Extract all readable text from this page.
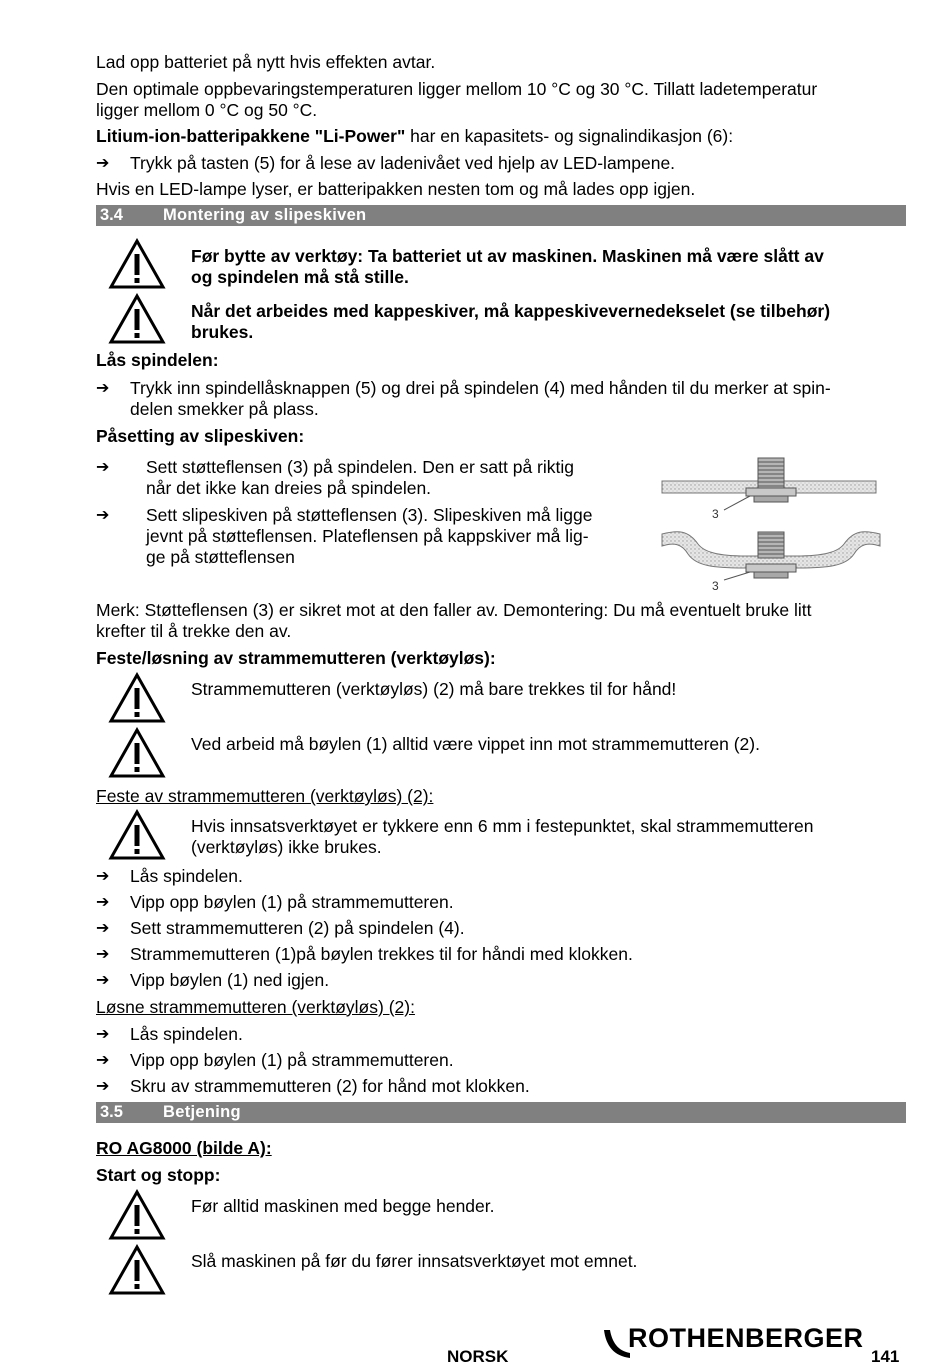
Lad opp batteriet på nytt hvis effekten avtar.
Den optimale oppbevaringstemperaturen ligger mellom 10 °C og 30 °C. Tillatt ladetemperatur
ligger mellom 0 °C og 50 °C.
Litium-ion-batteripakkene "Li-Power" har en kapasitets- og signalindikasjon (6):
➔	Trykk på tasten (5) for å lese av ladenivået ved hjelp av LED-lampene.
Hvis en LED-lampe lyser, er batteripakken nesten tom og må lades opp igjen.
3.4 Montering av slipeskiven
Før bytte av verktøy: Ta batteriet ut av maskinen. Maskinen må være slått av
og spindelen må stå stille.
Når det arbeides med kappeskiver, må kappeskivevernedekselet (se tilbehør)
brukes.
Lås spindelen:
➔	Trykk inn spindellåsknappen (5) og drei på spindelen (4) med hånden til du merker at spin-
delen smekker på plass.
Påsetting av slipeskiven:
➔	Sett støtteflensen (3) på spindelen. Den er satt på riktig
når det ikke kan dreies på spindelen.
➔	Sett slipeskiven på støtteflensen (3). Slipeskiven må ligge
jevnt på støtteflensen. Plateflensen på kappskiver må lig-
ge på støtteflensen
3
3
Merk: Støtteflensen (3) er sikret mot at den faller av. Demontering: Du må eventuelt bruke litt
krefter til å trekke den av.
Feste/løsning av strammemutteren (verktøyløs):
Strammemutteren (verktøyløs) (2) må bare trekkes til for hånd!
Ved arbeid må bøylen (1) alltid være vippet inn mot strammemutteren (2).
Feste av strammemutteren (verktøyløs) (2):
Hvis innsatsverktøyet er tykkere enn 6 mm i festepunktet, skal strammemutteren
(verktøyløs) ikke brukes.
➔	Lås spindelen.
➔	Vipp opp bøylen (1) på strammemutteren.
➔	Sett strammemutteren (2) på spindelen (4).
➔	Strammemutteren (1)på bøylen trekkes til for håndi med klokken.
➔	Vipp bøylen (1) ned igjen.
Løsne strammemutteren (verktøyløs) (2):
➔	Lås spindelen.
➔	Vipp opp bøylen (1) på strammemutteren.
➔	Skru av strammemutteren (2) for hånd mot klokken.
3.5 Betjening
RO AG8000 (bilde A):
Start og stopp:
Før alltid maskinen med begge hender.
Slå maskinen på før du fører innsatsverktøyet mot emnet.
NORSK
ROTHENBERGER
141
